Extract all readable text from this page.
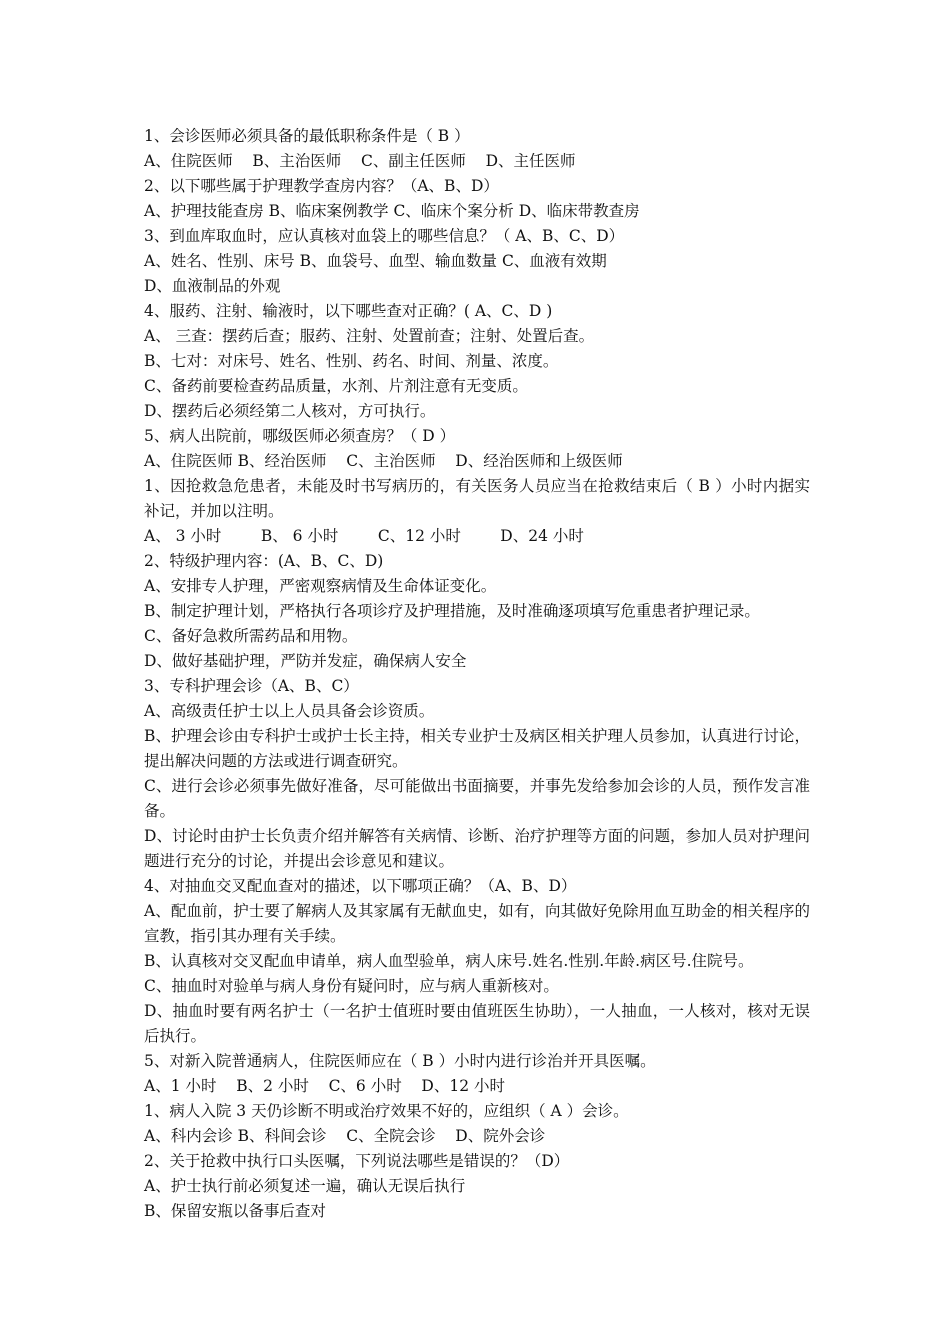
1、会诊医师必须具备的最低职称条件是（ B ）

A、住院医师    B、主治医师    C、副主任医师    D、主任医师

2、以下哪些属于护理教学查房内容？（A、B、D）

A、护理技能查房 B、临床案例教学 C、临床个案分析 D、临床带教查房

3、到血库取血时，应认真核对血袋上的哪些信息？（ A、B、C、D）

A、姓名、性别、床号 B、血袋号、血型、输血数量 C、血液有效期

D、血液制品的外观

4、服药、注射、输液时，以下哪些查对正确？( A、C、D )

A、 三查：摆药后查；服药、注射、处置前查；注射、处置后查。

B、七对：对床号、姓名、性别、药名、时间、剂量、浓度。

C、备药前要检查药品质量，水剂、片剂注意有无变质。

D、摆药后必须经第二人核对，方可执行。

5、病人出院前，哪级医师必须查房？（ D ）

A、住院医师 B、经治医师    C、主治医师    D、经治医师和上级医师

1、因抢救急危患者，未能及时书写病历的，有关医务人员应当在抢救结束后（ B ）小时内据实补记，并加以注明。

A、 3 小时        B、 6 小时        C、12 小时        D、24 小时

2、特级护理内容：(A、B、C、D)

A、安排专人护理，严密观察病情及生命体证变化。

B、制定护理计划，严格执行各项诊疗及护理措施，及时准确逐项填写危重患者护理记录。

C、备好急救所需药品和用物。

D、做好基础护理，严防并发症，确保病人安全

3、专科护理会诊（A、B、C）

A、高级责任护士以上人员具备会诊资质。

B、护理会诊由专科护士或护士长主持，相关专业护士及病区相关护理人员参加，认真进行讨论，提出解决问题的方法或进行调查研究。

C、进行会诊必须事先做好准备，尽可能做出书面摘要，并事先发给参加会诊的人员，预作发言准备。

D、讨论时由护士长负责介绍并解答有关病情、诊断、治疗护理等方面的问题，参加人员对护理问题进行充分的讨论，并提出会诊意见和建议。

4、对抽血交叉配血查对的描述，以下哪项正确？（A、B、D）

A、配血前，护士要了解病人及其家属有无献血史，如有，向其做好免除用血互助金的相关程序的宣教，指引其办理有关手续。

B、认真核对交叉配血申请单，病人血型验单，病人床号.姓名.性别.年龄.病区号.住院号。

C、抽血时对验单与病人身份有疑问时，应与病人重新核对。

D、抽血时要有两名护士（一名护士值班时要由值班医生协助），一人抽血，一人核对，核对无误后执行。

5、对新入院普通病人，住院医师应在（ B ）小时内进行诊治并开具医嘱。

A、1 小时    B、2 小时    C、6 小时    D、12 小时

1、病人入院 3 天仍诊断不明或治疗效果不好的，应组织（ A ）会诊。

A、科内会诊 B、科间会诊    C、全院会诊    D、院外会诊

2、关于抢救中执行口头医嘱，下列说法哪些是错误的？（D）

A、护士执行前必须复述一遍，确认无误后执行

B、保留安瓶以备事后查对
